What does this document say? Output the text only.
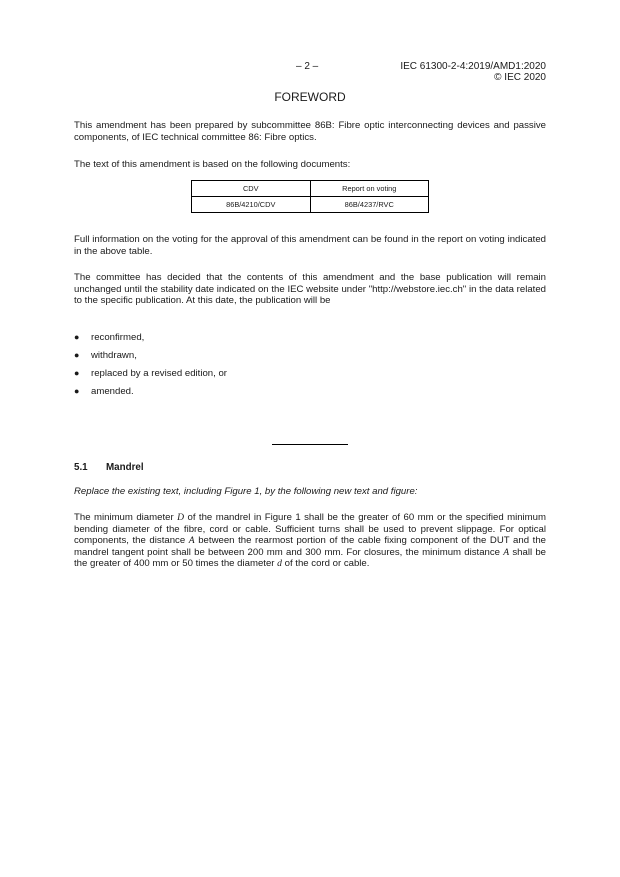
– 2 –	IEC 61300-2-4:2019/AMD1:2020
© IEC 2020
FOREWORD
This amendment has been prepared by subcommittee 86B: Fibre optic interconnecting devices and passive components, of IEC technical committee 86: Fibre optics.
The text of this amendment is based on the following documents:
CDV	Report on voting
86B/4210/CDV	86B/4237/RVC
Full information on the voting for the approval of this amendment can be found in the report on voting indicated in the above table.
The committee has decided that the contents of this amendment and the base publication will remain unchanged until the stability date indicated on the IEC website under "http://webstore.iec.ch" in the data related to the specific publication. At this date, the publication will be
● reconfirmed,
● withdrawn,
● replaced by a revised edition, or
● amended.
5.1 Mandrel
Replace the existing text, including Figure 1, by the following new text and figure:
The minimum diameter D of the mandrel in Figure 1 shall be the greater of 60 mm or the specified minimum bending diameter of the fibre, cord or cable. Sufficient turns shall be used to prevent slippage. For optical components, the distance A between the rearmost portion of the cable fixing component of the DUT and the mandrel tangent point shall be between 200 mm and 300 mm. For closures, the minimum distance A shall be the greater of 400 mm or 50 times the diameter d of the cord or cable.
